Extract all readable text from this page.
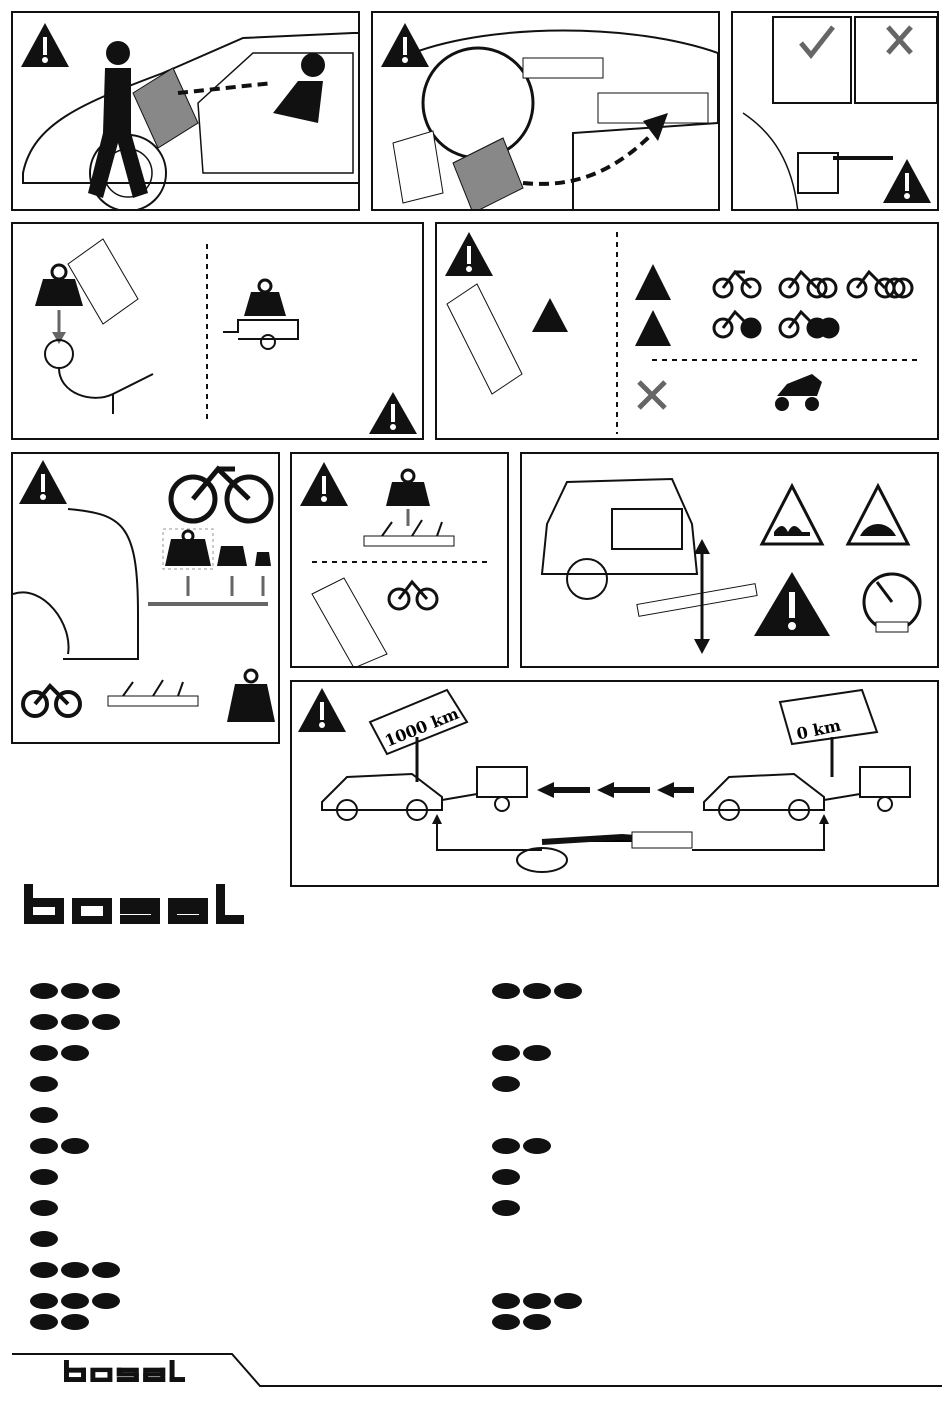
1000 km	0 km
